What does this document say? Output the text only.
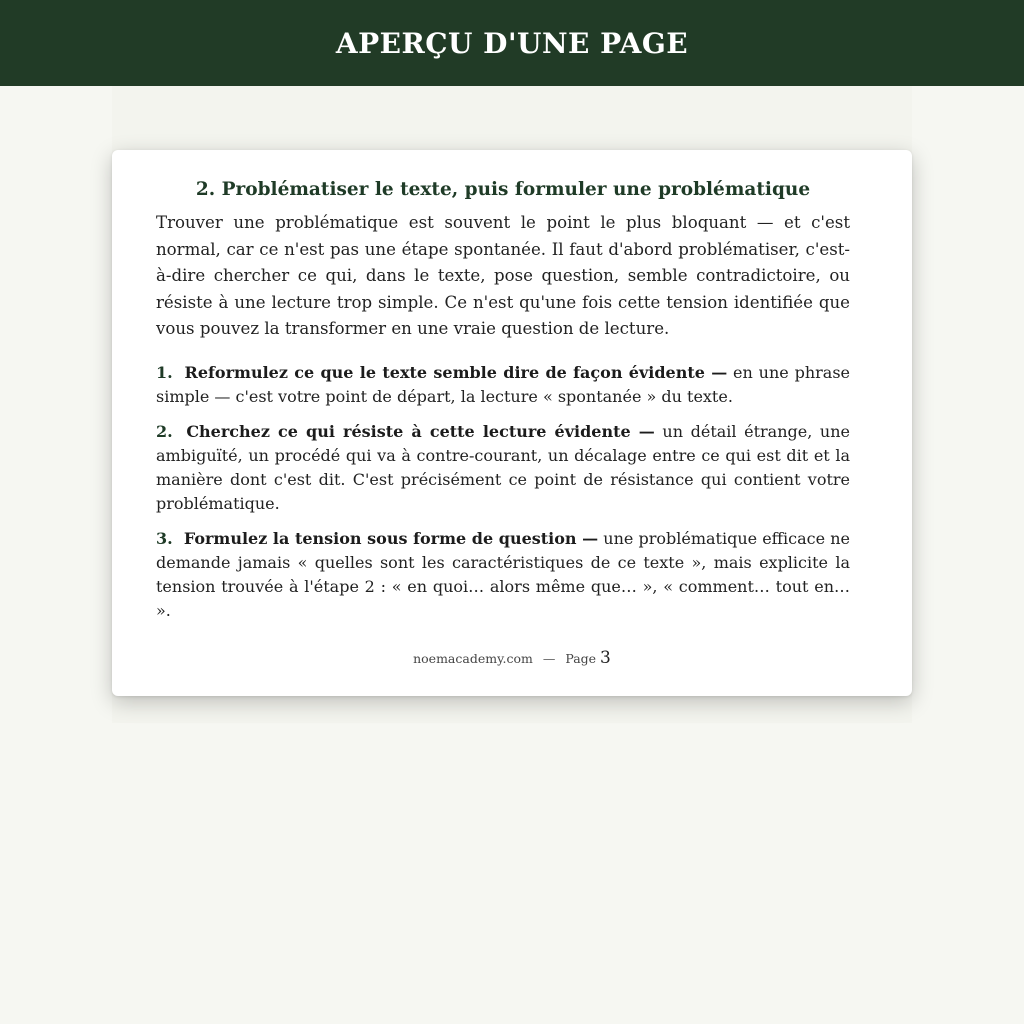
APERÇU D'UNE PAGE
2. Problématiser le texte, puis formuler une problématique

Trouver une problématique est souvent le point le plus bloquant — et c'est normal, car ce n'est pas une étape spontanée. Il faut d'abord problématiser, c'est-à-dire chercher ce qui, dans le texte, pose question, semble contradictoire, ou résiste à une lecture trop simple. Ce n'est qu'une fois cette tension identifiée que vous pouvez la transformer en une vraie question de lecture.

1. Reformulez ce que le texte semble dire de façon évidente — en une phrase simple — c'est votre point de départ, la lecture « spontanée » du texte.

2. Cherchez ce qui résiste à cette lecture évidente — un détail étrange, une ambiguïté, un procédé qui va à contre-courant, un décalage entre ce qui est dit et la manière dont c'est dit. C'est précisément ce point de résistance qui contient votre problématique.

3. Formulez la tension sous forme de question — une problématique efficace ne demande jamais « quelles sont les caractéristiques de ce texte », mais explicite la tension trouvée à l'étape 2 : « en quoi… alors même que… », « comment… tout en… ».

noemacademy.com — Page 3
